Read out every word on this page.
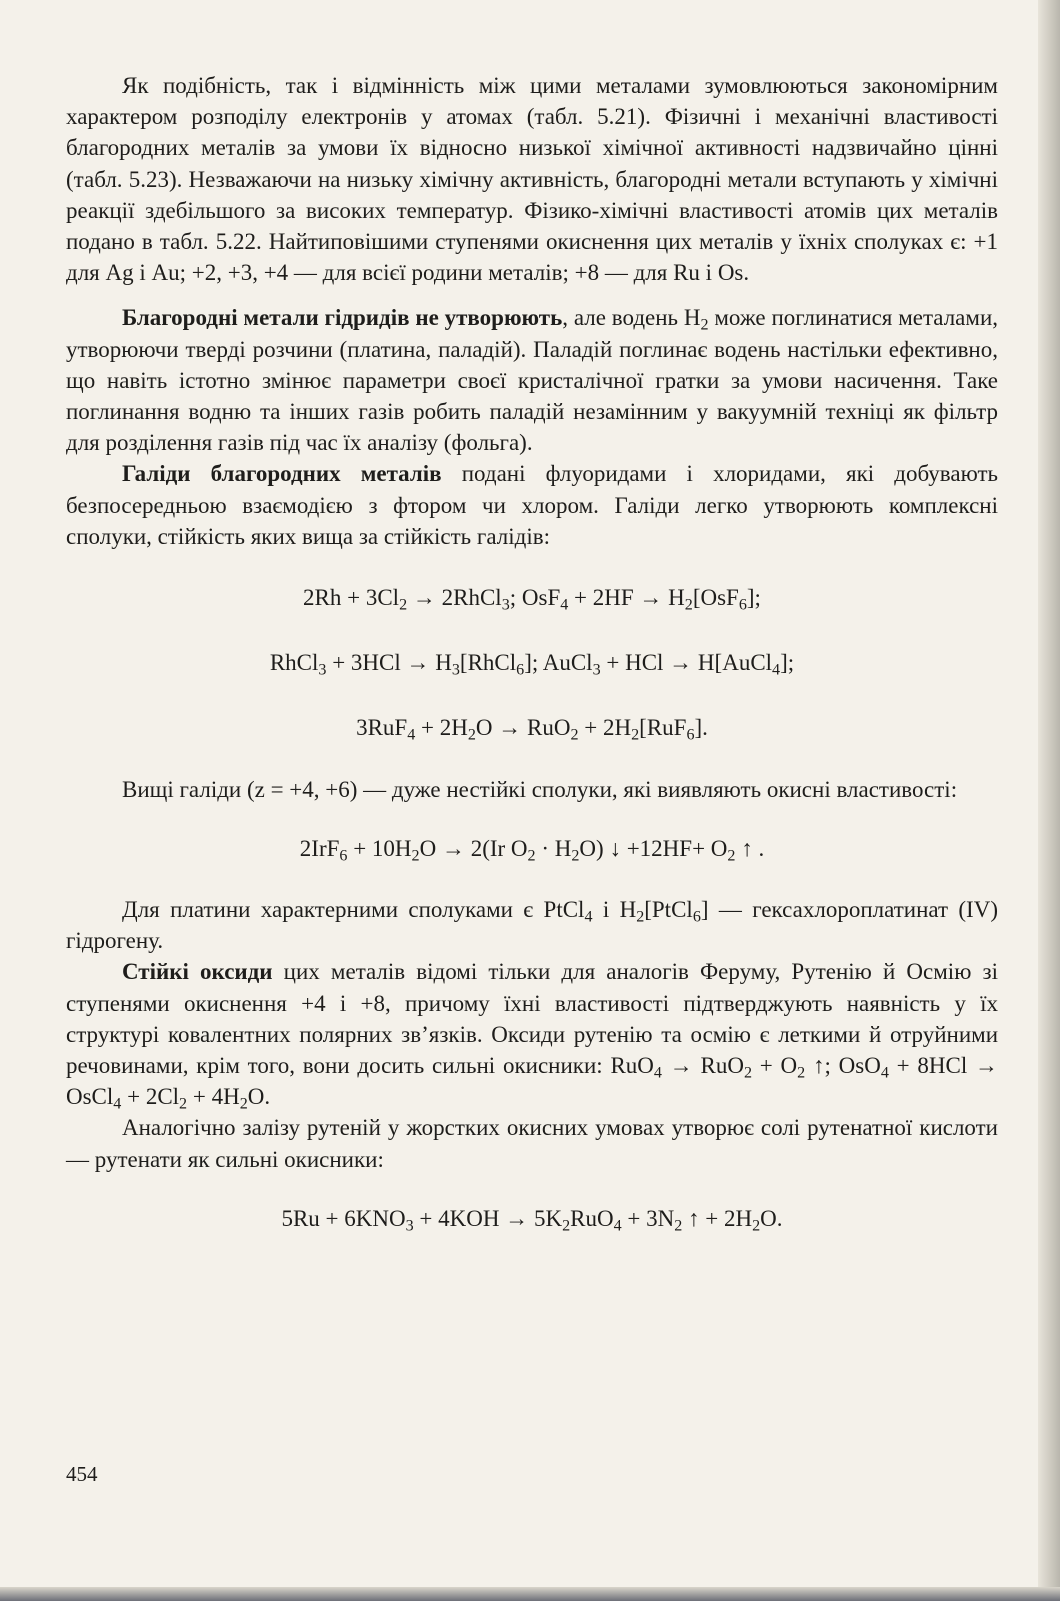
Як подібність, так і відмінність між цими металами зумовлюються закономірним характером розподілу електронів у атомах (табл. 5.21). Фізичні і механічні властивості благородних металів за умови їх відносно низької хімічної активності надзвичайно цінні (табл. 5.23). Незважаючи на низьку хімічну активність, благородні метали вступають у хімічні реакції здебільшого за високих температур. Фізико-хімічні властивості атомів цих металів подано в табл. 5.22. Найтиповішими ступенями окиснення цих металів у їхніх сполуках є: +1 для Ag і Au; +2, +3, +4 — для всієї родини металів; +8 — для Ru і Os.

Благородні метали гідридів не утворюють, але водень $H_2$ може поглинатися металами, утворюючи тверді розчини (платина, паладій). Паладій поглинає водень настільки ефективно, що навіть істотно змінює параметри своєї кристалічної гратки за умови насичення. Таке поглинання водню та інших газів робить паладій незамінним у вакуумній техніці як фільтр для розділення газів під час їх аналізу (фольга).

Галіди благородних металів подані флуоридами і хлоридами, які добувають безпосередньою взаємодією з фтором чи хлором. Галіди легко утворюють комплексні сполуки, стійкість яких вища за стійкість галідів:

$2Rh + 3Cl_2$ → 2RhCl$_3$; $OsF_4 + 2HF \to H_2[OsF_6]$;

RhCl$_3$ + $3HCl \to H_3[RhCl_6]$; AuCl$_3$ + HCl → H[AuCl$_4$];

$3RuF_4 + 2H_2O \to RuO_2 + 2H_2[RuF_6]$.

Вищі галіди (z = +4, +6) — дуже нестійкі сполуки, які виявляють окисні властивості:

$2IrF_6 + 10H_2O \to 2(Ir$ $O_2 \cdot H_2O$) ↓ $+12HF+ O_2$ ↑ .

Для платини характерними сполуками є PtCl$_4$ і $H_2[PtCl_6]$ — гексахлороплатинат (IV) гідрогену.

Стійкі оксиди цих металів відомі тільки для аналогів Феруму, Рутенію й Осмію зі ступенями окиснення +4 і +8, причому їхні властивості підтверджують наявність у їх структурі ковалентних полярних зв’язків. Оксиди рутенію та осмію є леткими й отруйними речовинами, крім того, вони досить сильні окисники: $RuO_4 \to RuO_2 + O_2$ ↑; OsO$_4$ + 8HCl → OsCl$_4$ + $2Cl_2 + 4H_2O$.

Аналогічно залізу рутеній у жорстких окисних умовах утворює солі рутенатної кислоти — рутенати як сильні окисники:

$5Ru + 6KNO_3 + 4KOH \to 5K_2RuO_4 + 3N_2$ ↑ + $2H_2O$.

454
